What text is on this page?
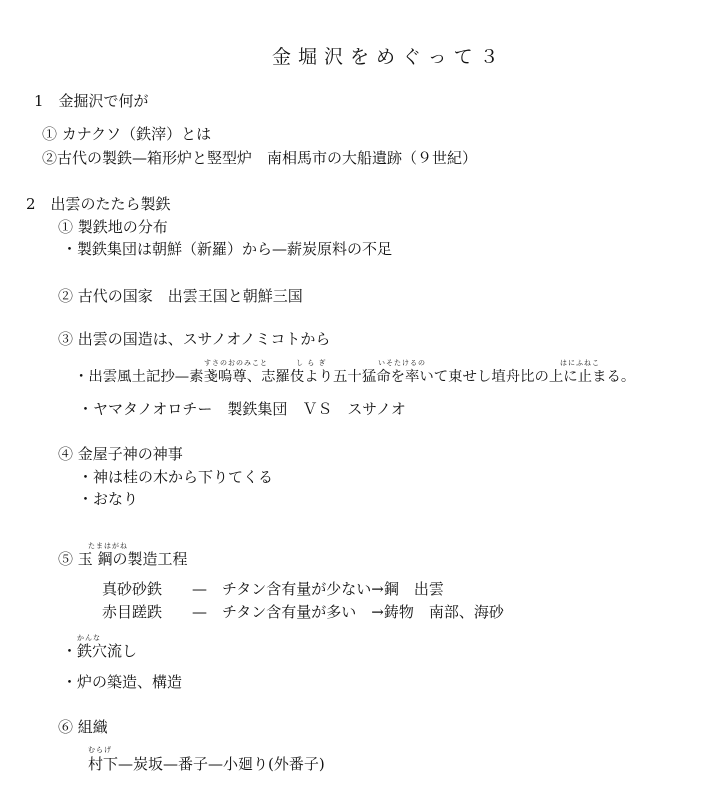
金堀沢をめぐって３
1　金掘沢で何が
① カナクソ（鉄滓）とは
②古代の製鉄—箱形炉と竪型炉　南相馬市の大船遺跡（９世紀）
2　出雲のたたら製鉄
① 製鉄地の分布
・製鉄集団は朝鮮（新羅）から—薪炭原料の不足
② 古代の国家　出雲王国と朝鮮三国
③ 出雲の国造は、スサノオノミコトから
すさのおのみこと	し ら ぎ	いそたけるの	はにふねこ
・出雲風土記抄—素戔嗚尊、志羅伎より五十猛命を率いて東せし埴舟比の上に止まる。
・ヤマタノオロチー　製鉄集団　ＶＳ　スサノオ
④ 金屋子神の神事
・神は桂の木から下りてくる
・おなり
たまはがね
⑤ 玉 鋼の製造工程
真砂砂鉄　　—　チタン含有量が少ない→鋼　出雲
赤目蹉跌　　—　チタン含有量が多い　→鋳物　南部、海砂
かんな
・鉄穴流し
・炉の築造、構造
⑥ 組織
むらげ
村下—炭坂—番子—小廻り(外番子)
